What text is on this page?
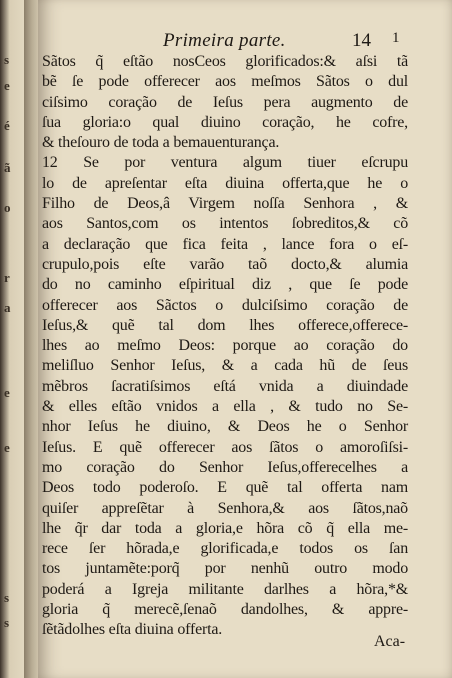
s
e
é
ã
o
r
a
e
e
s
s
Primeira parte.	14 1
Sãtos q̃ eſtão nosCeos glorificados:& aſsi tã
bẽ ſe pode offerecer aos meſmos Sãtos o dul
ciſsimo coração de Ieſus pera augmento de
ſua gloria:o qual diuino coração, he cofre,
& theſouro de toda a bemauenturança.
12 Se por ventura algum tiuer eſcrupu
lo de apreſentar eſta diuina offerta,que he o
Filho de Deos,â Virgem noſſa Senhora , &
aos Santos,com os intentos ſobreditos,& cõ
a declaração que fica feita , lance fora o eſ-
crupulo,pois eſte varão taõ docto,& alumia
do no caminho eſpiritual diz , que ſe pode
offerecer aos Sãctos o dulciſsimo coração de
Ieſus,& quẽ tal dom lhes offerece,offerece-
lhes ao meſmo Deos: porque ao coração do
meliſluo Senhor Ieſus, & a cada hũ de ſeus
mẽbros ſacratiſsimos eſtá vnida a diuindade
& elles eſtão vnidos a ella , & tudo no Se-
nhor Ieſus he diuino, & Deos he o Senhor
Ieſus. E quẽ offerecer aos ſãtos o amoroſiſsi-
mo coração do Senhor Ieſus,offerecelhes a
Deos todo poderoſo. E quẽ tal offerta nam
quiſer appreſẽtar à Senhora,& aos ſãtos,naõ
lhe q̃r dar toda a gloria,e hõra cõ q̃ ella me-
rece ſer hõrada,e glorificada,e todos os ſan
tos juntamẽte:porq̃ por nenhũ outro modo
poderá a Igreja militante darlhes a hõra,*&
gloria q̃ merecẽ,ſenaõ dandolhes, & appre-
ſẽtãdolhes eſta diuina offerta.
Aca-
